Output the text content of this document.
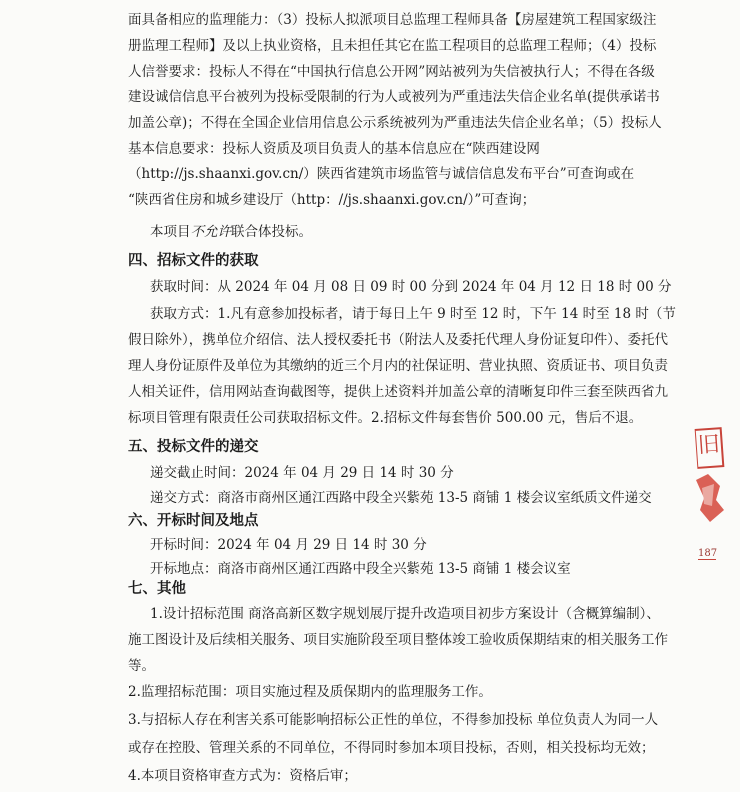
面具备相应的监理能力：（3）投标人拟派项目总监理工程师具备【房屋建筑工程国家级注
册监理工程师】及以上执业资格，且未担任其它在监工程项目的总监理工程师；（4）投标
人信誉要求：投标人不得在“中国执行信息公开网”网站被列为失信被执行人；不得在各级
建设诚信信息平台被列为投标受限制的行为人或被列为严重违法失信企业名单(提供承诺书
加盖公章)；不得在全国企业信用信息公示系统被列为严重违法失信企业名单；（5）投标人
基本信息要求：投标人资质及项目负责人的基本信息应在“陕西建设网
（http://js.shaanxi.gov.cn/）陕西省建筑市场监管与诚信信息发布平台”可查询或在
“陕西省住房和城乡建设厅（http：//js.shaanxi.gov.cn/）”可查询；
本项目不允许联合体投标。
四、招标文件的获取
获取时间：从 2024 年 04 月 08 日 09 时 00 分到 2024 年 04 月 12 日 18 时 00 分
获取方式：1.凡有意参加投标者，请于每日上午 9 时至 12 时，下午 14 时至 18 时（节
假日除外），携单位介绍信、法人授权委托书（附法人及委托代理人身份证复印件）、委托代
理人身份证原件及单位为其缴纳的近三个月内的社保证明、营业执照、资质证书、项目负责
人相关证件，信用网站查询截图等，提供上述资料并加盖公章的清晰复印件三套至陕西省九
标项目管理有限责任公司获取招标文件。2.招标文件每套售价 500.00 元，售后不退。
五、投标文件的递交
递交截止时间：2024 年 04 月 29 日 14 时 30 分
递交方式：商洛市商州区通江西路中段全兴紫苑 13-5 商铺 1 楼会议室纸质文件递交
六、开标时间及地点
开标时间：2024 年 04 月 29 日 14 时 30 分
开标地点：商洛市商州区通江西路中段全兴紫苑 13-5 商铺 1 楼会议室
七、其他
1.设计招标范围 商洛高新区数字规划展厅提升改造项目初步方案设计（含概算编制）、
施工图设计及后续相关服务、项目实施阶段至项目整体竣工验收质保期结束的相关服务工作
等。
2.监理招标范围：项目实施过程及质保期内的监理服务工作。
3.与招标人存在利害关系可能影响招标公正性的单位，不得参加投标 单位负责人为同一人
或存在控股、管理关系的不同单位，不得同时参加本项目投标，否则，相关投标均无效；
4.本项目资格审查方式为：资格后审；
旧
187
